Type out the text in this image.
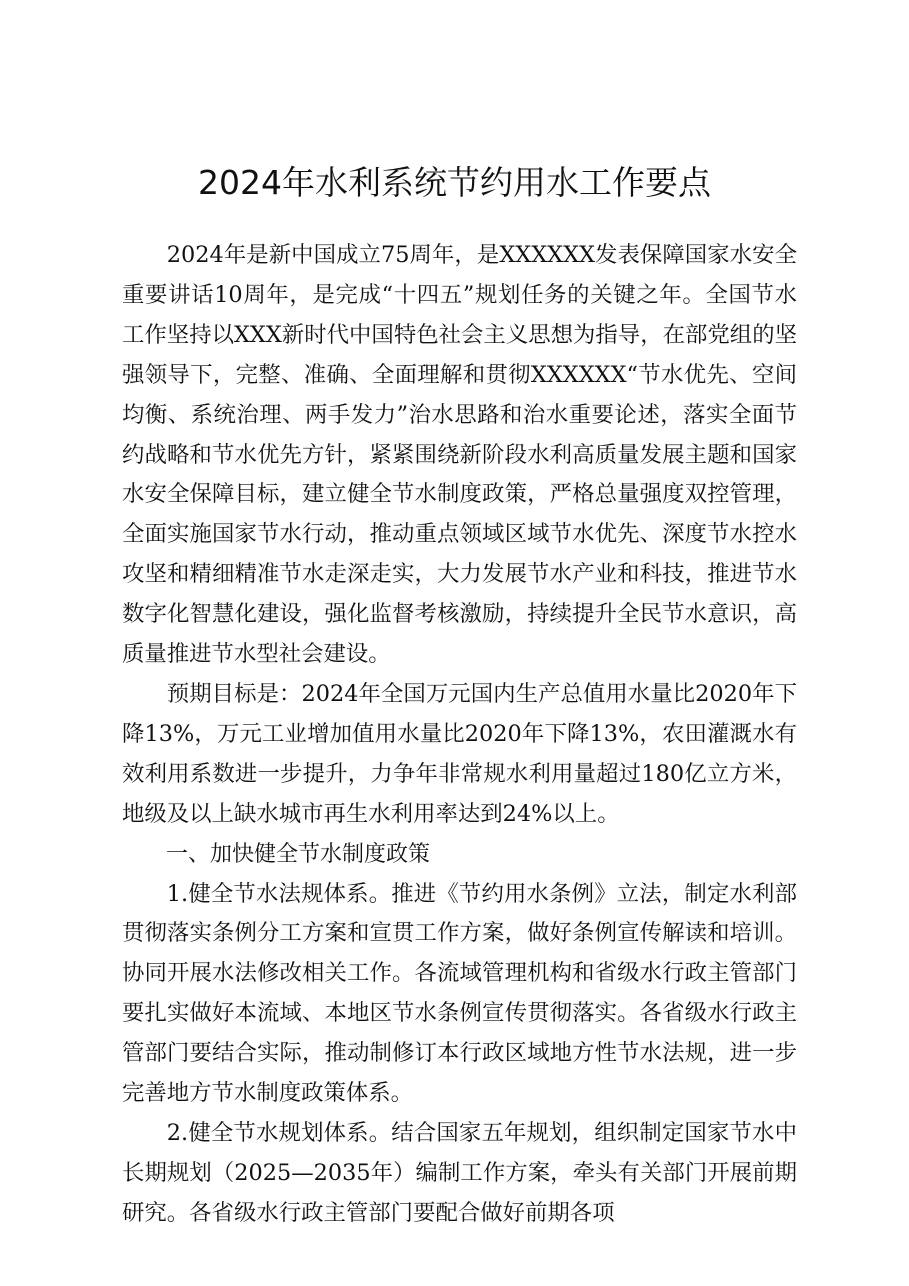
2024年水利系统节约用水工作要点

2024年是新中国成立75周年，是XXXXXX发表保障国家水安全重要讲话10周年，是完成“十四五”规划任务的关键之年。全国节水工作坚持以XXX新时代中国特色社会主义思想为指导，在部党组的坚强领导下，完整、准确、全面理解和贯彻XXXXXX“节水优先、空间均衡、系统治理、两手发力”治水思路和治水重要论述，落实全面节约战略和节水优先方针，紧紧围绕新阶段水利高质量发展主题和国家水安全保障目标，建立健全节水制度政策，严格总量强度双控管理，全面实施国家节水行动，推动重点领域区域节水优先、深度节水控水攻坚和精细精准节水走深走实，大力发展节水产业和科技，推进节水数字化智慧化建设，强化监督考核激励，持续提升全民节水意识，高质量推进节水型社会建设。

预期目标是：2024年全国万元国内生产总值用水量比2020年下降13%，万元工业增加值用水量比2020年下降13%，农田灌溉水有效利用系数进一步提升，力争年非常规水利用量超过180亿立方米，地级及以上缺水城市再生水利用率达到24%以上。

一、加快健全节水制度政策

1.健全节水法规体系。推进《节约用水条例》立法，制定水利部贯彻落实条例分工方案和宣贯工作方案，做好条例宣传解读和培训。协同开展水法修改相关工作。各流域管理机构和省级水行政主管部门要扎实做好本流域、本地区节水条例宣传贯彻落实。各省级水行政主管部门要结合实际，推动制修订本行政区域地方性节水法规，进一步完善地方节水制度政策体系。

2.健全节水规划体系。结合国家五年规划，组织制定国家节水中长期规划（2025—2035年）编制工作方案，牵头有关部门开展前期研究。各省级水行政主管部门要配合做好前期各项
